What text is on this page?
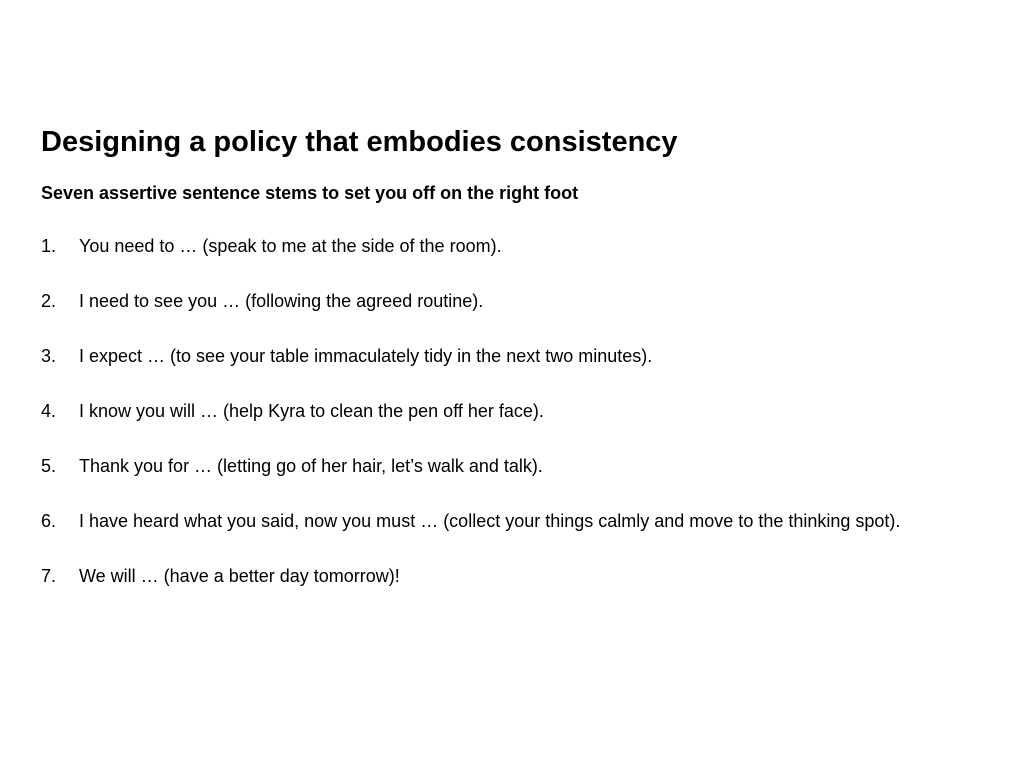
Designing a policy that embodies consistency
Seven assertive sentence stems to set you off on the right foot
1.	You need to … (speak to me at the side of the room).
2.	I need to see you … (following the agreed routine).
3.	I expect … (to see your table immaculately tidy in the next two minutes).
4.	I know you will … (help Kyra to clean the pen off her face).
5.	Thank you for … (letting go of her hair, let’s walk and talk).
6.	I have heard what you said, now you must … (collect your things calmly and move to the thinking spot).
7.	We will … (have a better day tomorrow)!
